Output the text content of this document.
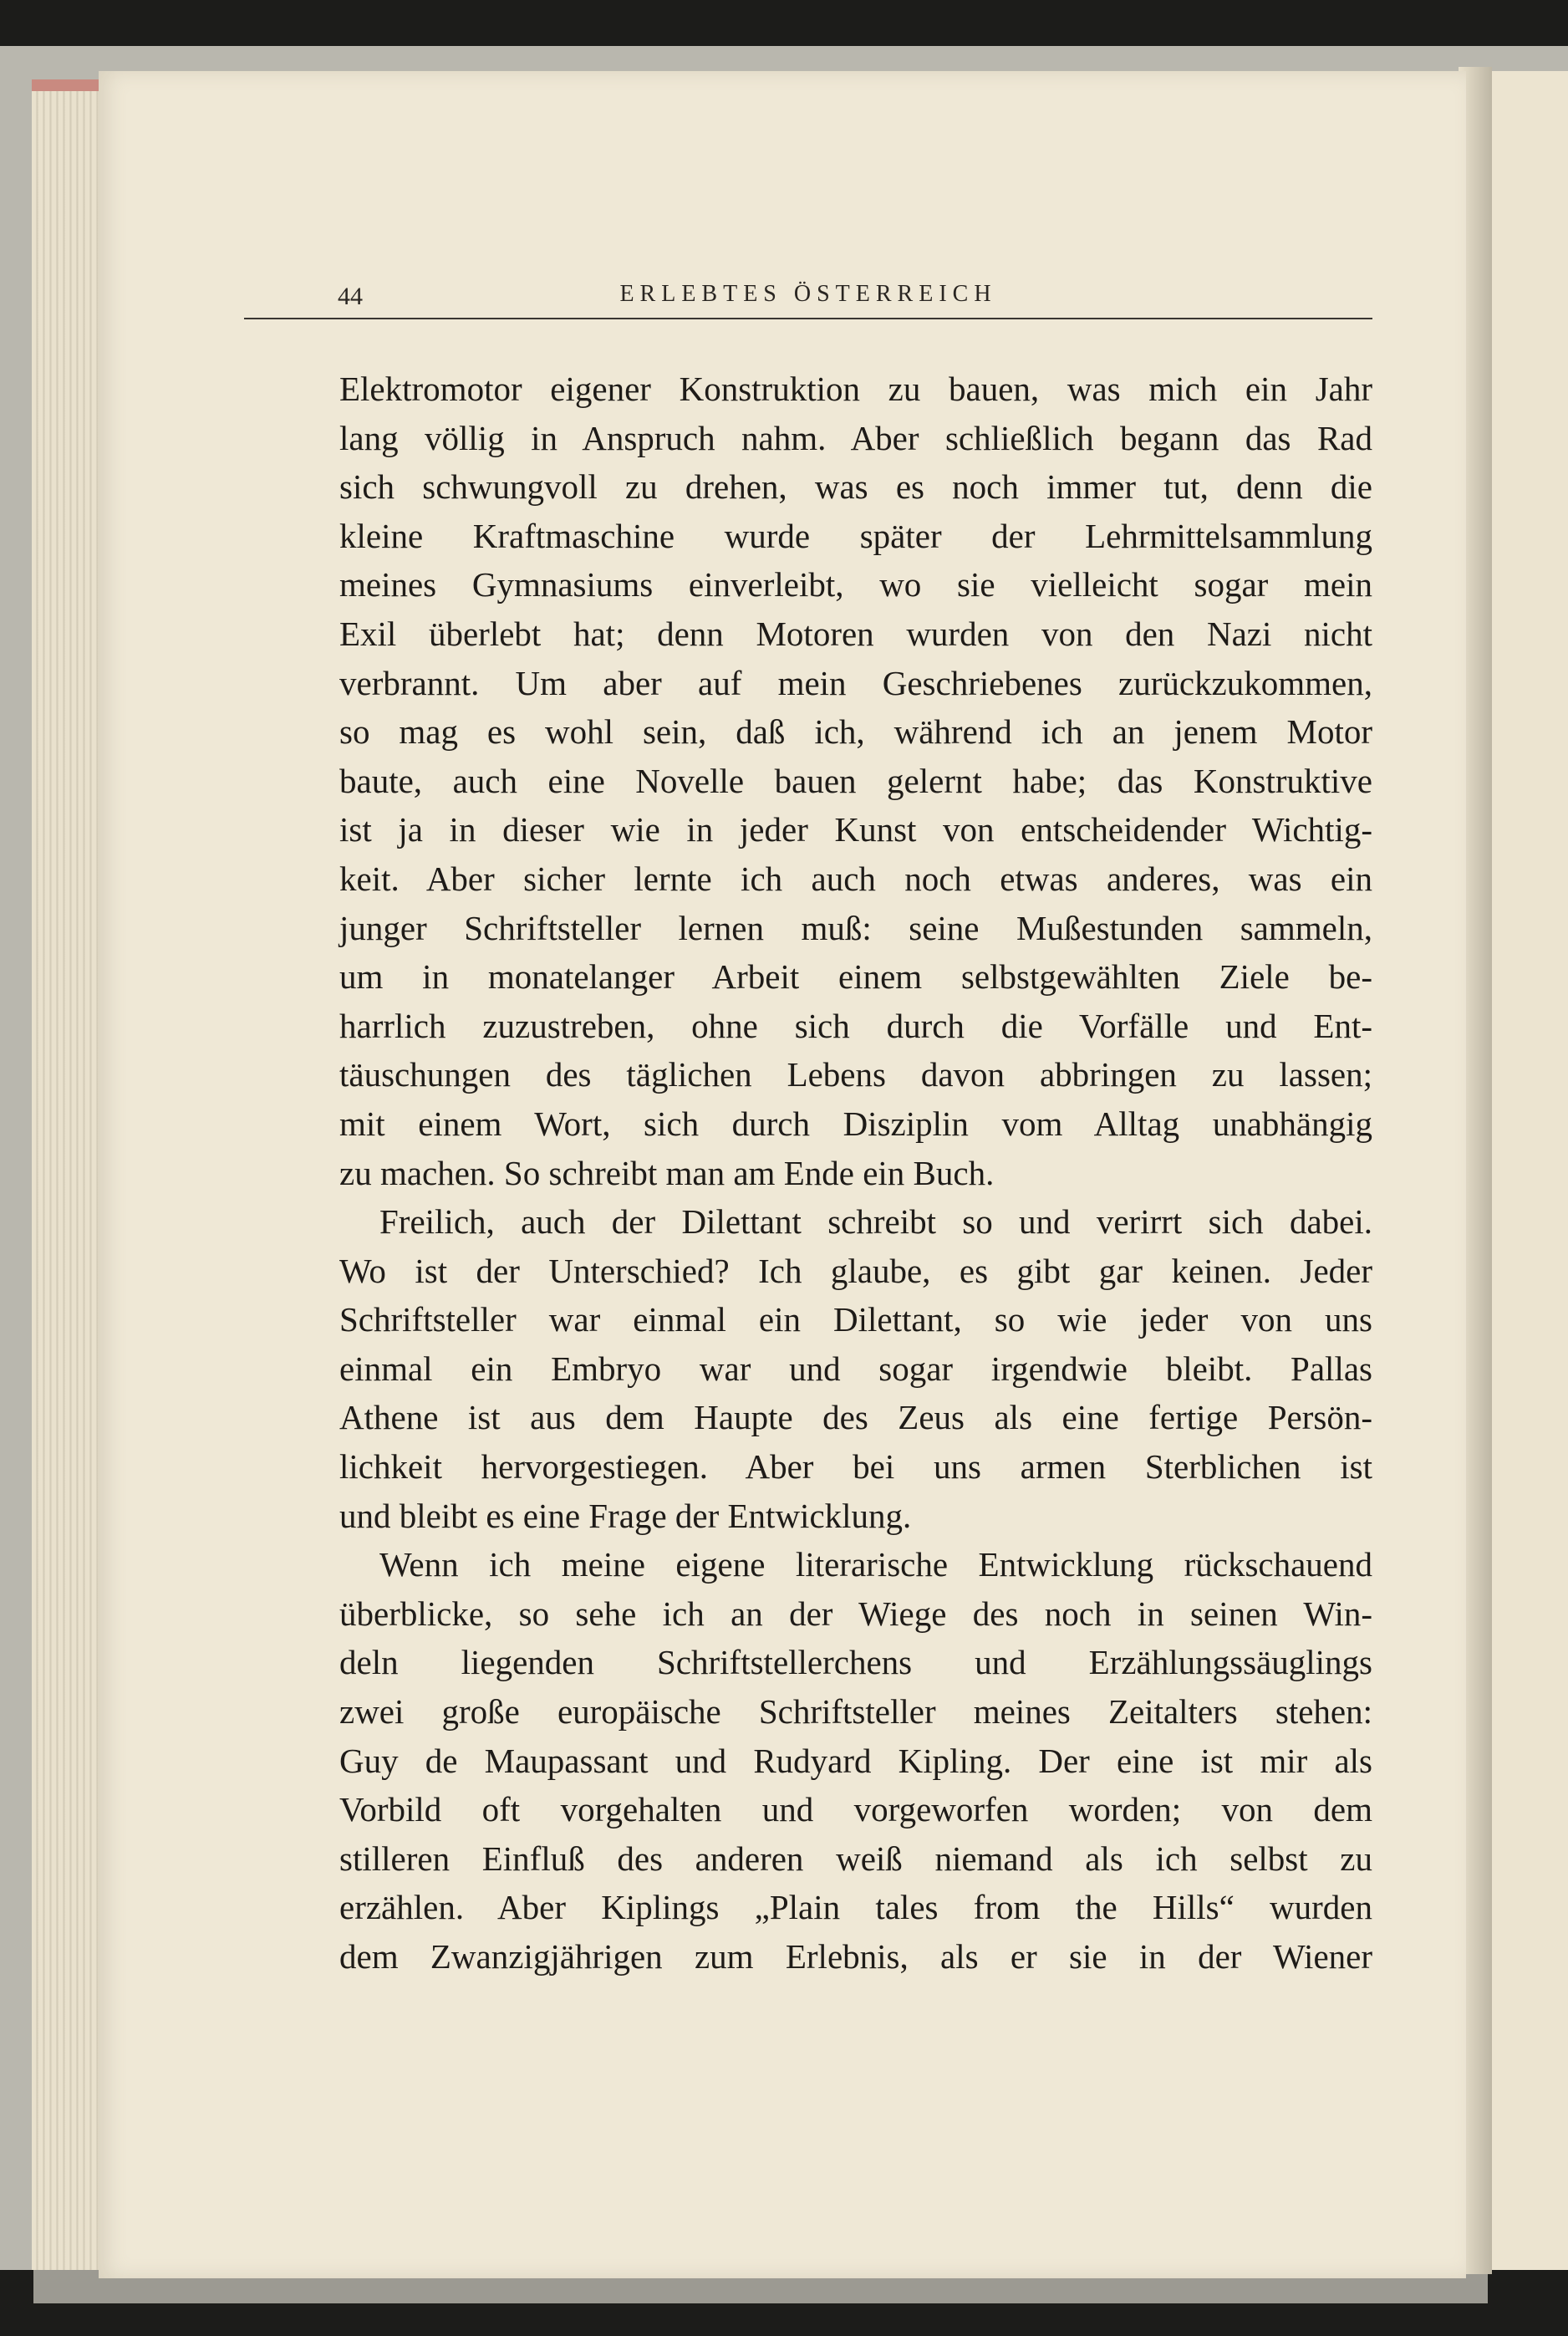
44	ERLEBTES ÖSTERREICH
Elektromotor eigener Konstruktion zu bauen, was mich ein Jahr
lang völlig in Anspruch nahm. Aber schließlich begann das Rad
sich schwungvoll zu drehen, was es noch immer tut, denn die
kleine Kraftmaschine wurde später der Lehrmittelsammlung
meines Gymnasiums einverleibt, wo sie vielleicht sogar mein
Exil überlebt hat; denn Motoren wurden von den Nazi nicht
verbrannt. Um aber auf mein Geschriebenes zurückzukommen,
so mag es wohl sein, daß ich, während ich an jenem Motor
baute, auch eine Novelle bauen gelernt habe; das Konstruktive
ist ja in dieser wie in jeder Kunst von entscheidender Wichtig-
keit. Aber sicher lernte ich auch noch etwas anderes, was ein
junger Schriftsteller lernen muß: seine Mußestunden sammeln,
um in monatelanger Arbeit einem selbstgewählten Ziele be-
harrlich zuzustreben, ohne sich durch die Vorfälle und Ent-
täuschungen des täglichen Lebens davon abbringen zu lassen;
mit einem Wort, sich durch Disziplin vom Alltag unabhängig
zu machen. So schreibt man am Ende ein Buch.
Freilich, auch der Dilettant schreibt so und verirrt sich dabei.
Wo ist der Unterschied? Ich glaube, es gibt gar keinen. Jeder
Schriftsteller war einmal ein Dilettant, so wie jeder von uns
einmal ein Embryo war und sogar irgendwie bleibt. Pallas
Athene ist aus dem Haupte des Zeus als eine fertige Persön-
lichkeit hervorgestiegen. Aber bei uns armen Sterblichen ist
und bleibt es eine Frage der Entwicklung.
Wenn ich meine eigene literarische Entwicklung rückschauend
überblicke, so sehe ich an der Wiege des noch in seinen Win-
deln liegenden Schriftstellerchens und Erzählungssäuglings
zwei große europäische Schriftsteller meines Zeitalters stehen:
Guy de Maupassant und Rudyard Kipling. Der eine ist mir als
Vorbild oft vorgehalten und vorgeworfen worden; von dem
stilleren Einfluß des anderen weiß niemand als ich selbst zu
erzählen. Aber Kiplings „Plain tales from the Hills“ wurden
dem Zwanzigjährigen zum Erlebnis, als er sie in der Wiener
